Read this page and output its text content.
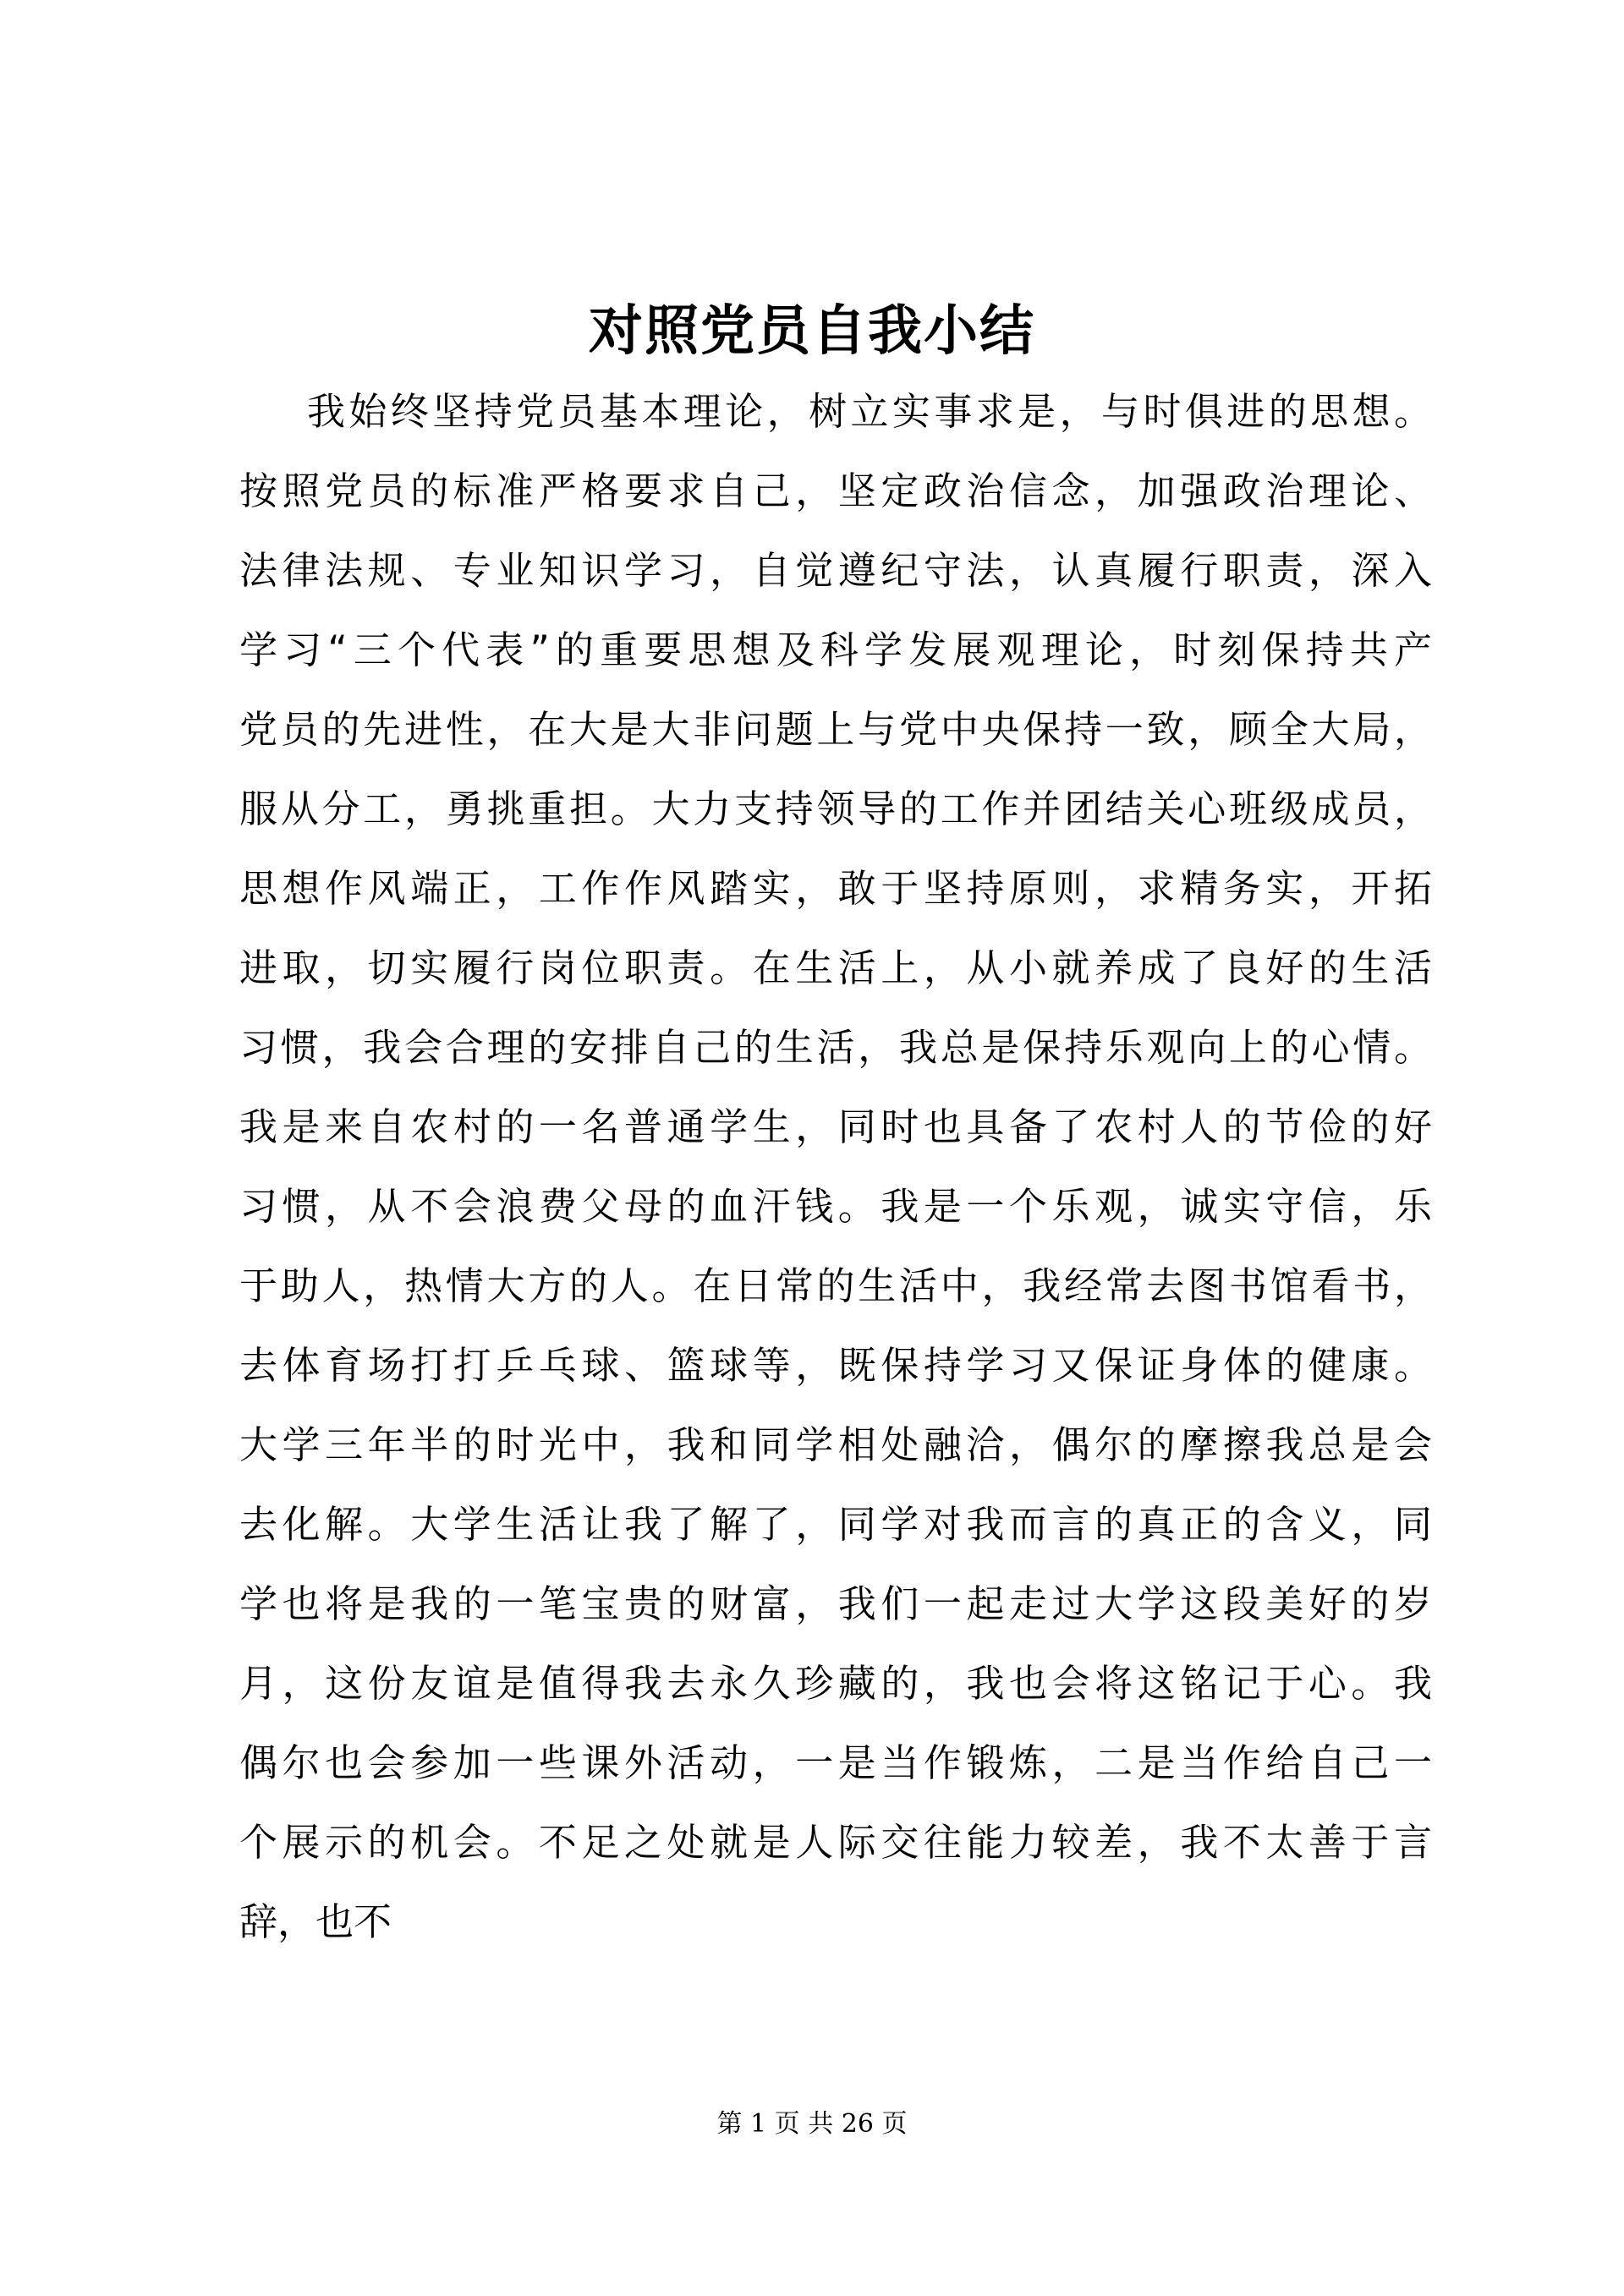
对照党员自我小结
我始终坚持党员基本理论，树立实事求是，与时俱进的思想。
按照党员的标准严格要求自己，坚定政治信念，加强政治理论、
法律法规、专业知识学习，自觉遵纪守法，认真履行职责，深入
学习“三个代表”的重要思想及科学发展观理论，时刻保持共产
党员的先进性，在大是大非问题上与党中央保持一致，顾全大局，
服从分工，勇挑重担。大力支持领导的工作并团结关心班级成员，
思想作风端正，工作作风踏实，敢于坚持原则，求精务实，开拓
进取，切实履行岗位职责。在生活上，从小就养成了良好的生活
习惯，我会合理的安排自己的生活，我总是保持乐观向上的心情。
我是来自农村的一名普通学生，同时也具备了农村人的节俭的好
习惯，从不会浪费父母的血汗钱。我是一个乐观，诚实守信，乐
于助人，热情大方的人。在日常的生活中，我经常去图书馆看书，
去体育场打打乒乓球、篮球等，既保持学习又保证身体的健康。
大学三年半的时光中，我和同学相处融洽，偶尔的摩擦我总是会
去化解。大学生活让我了解了，同学对我而言的真正的含义，同
学也将是我的一笔宝贵的财富，我们一起走过大学这段美好的岁
月，这份友谊是值得我去永久珍藏的，我也会将这铭记于心。我
偶尔也会参加一些课外活动，一是当作锻炼，二是当作给自己一
个展示的机会。不足之处就是人际交往能力较差，我不太善于言
辞，也不
第 1 页 共 26 页
